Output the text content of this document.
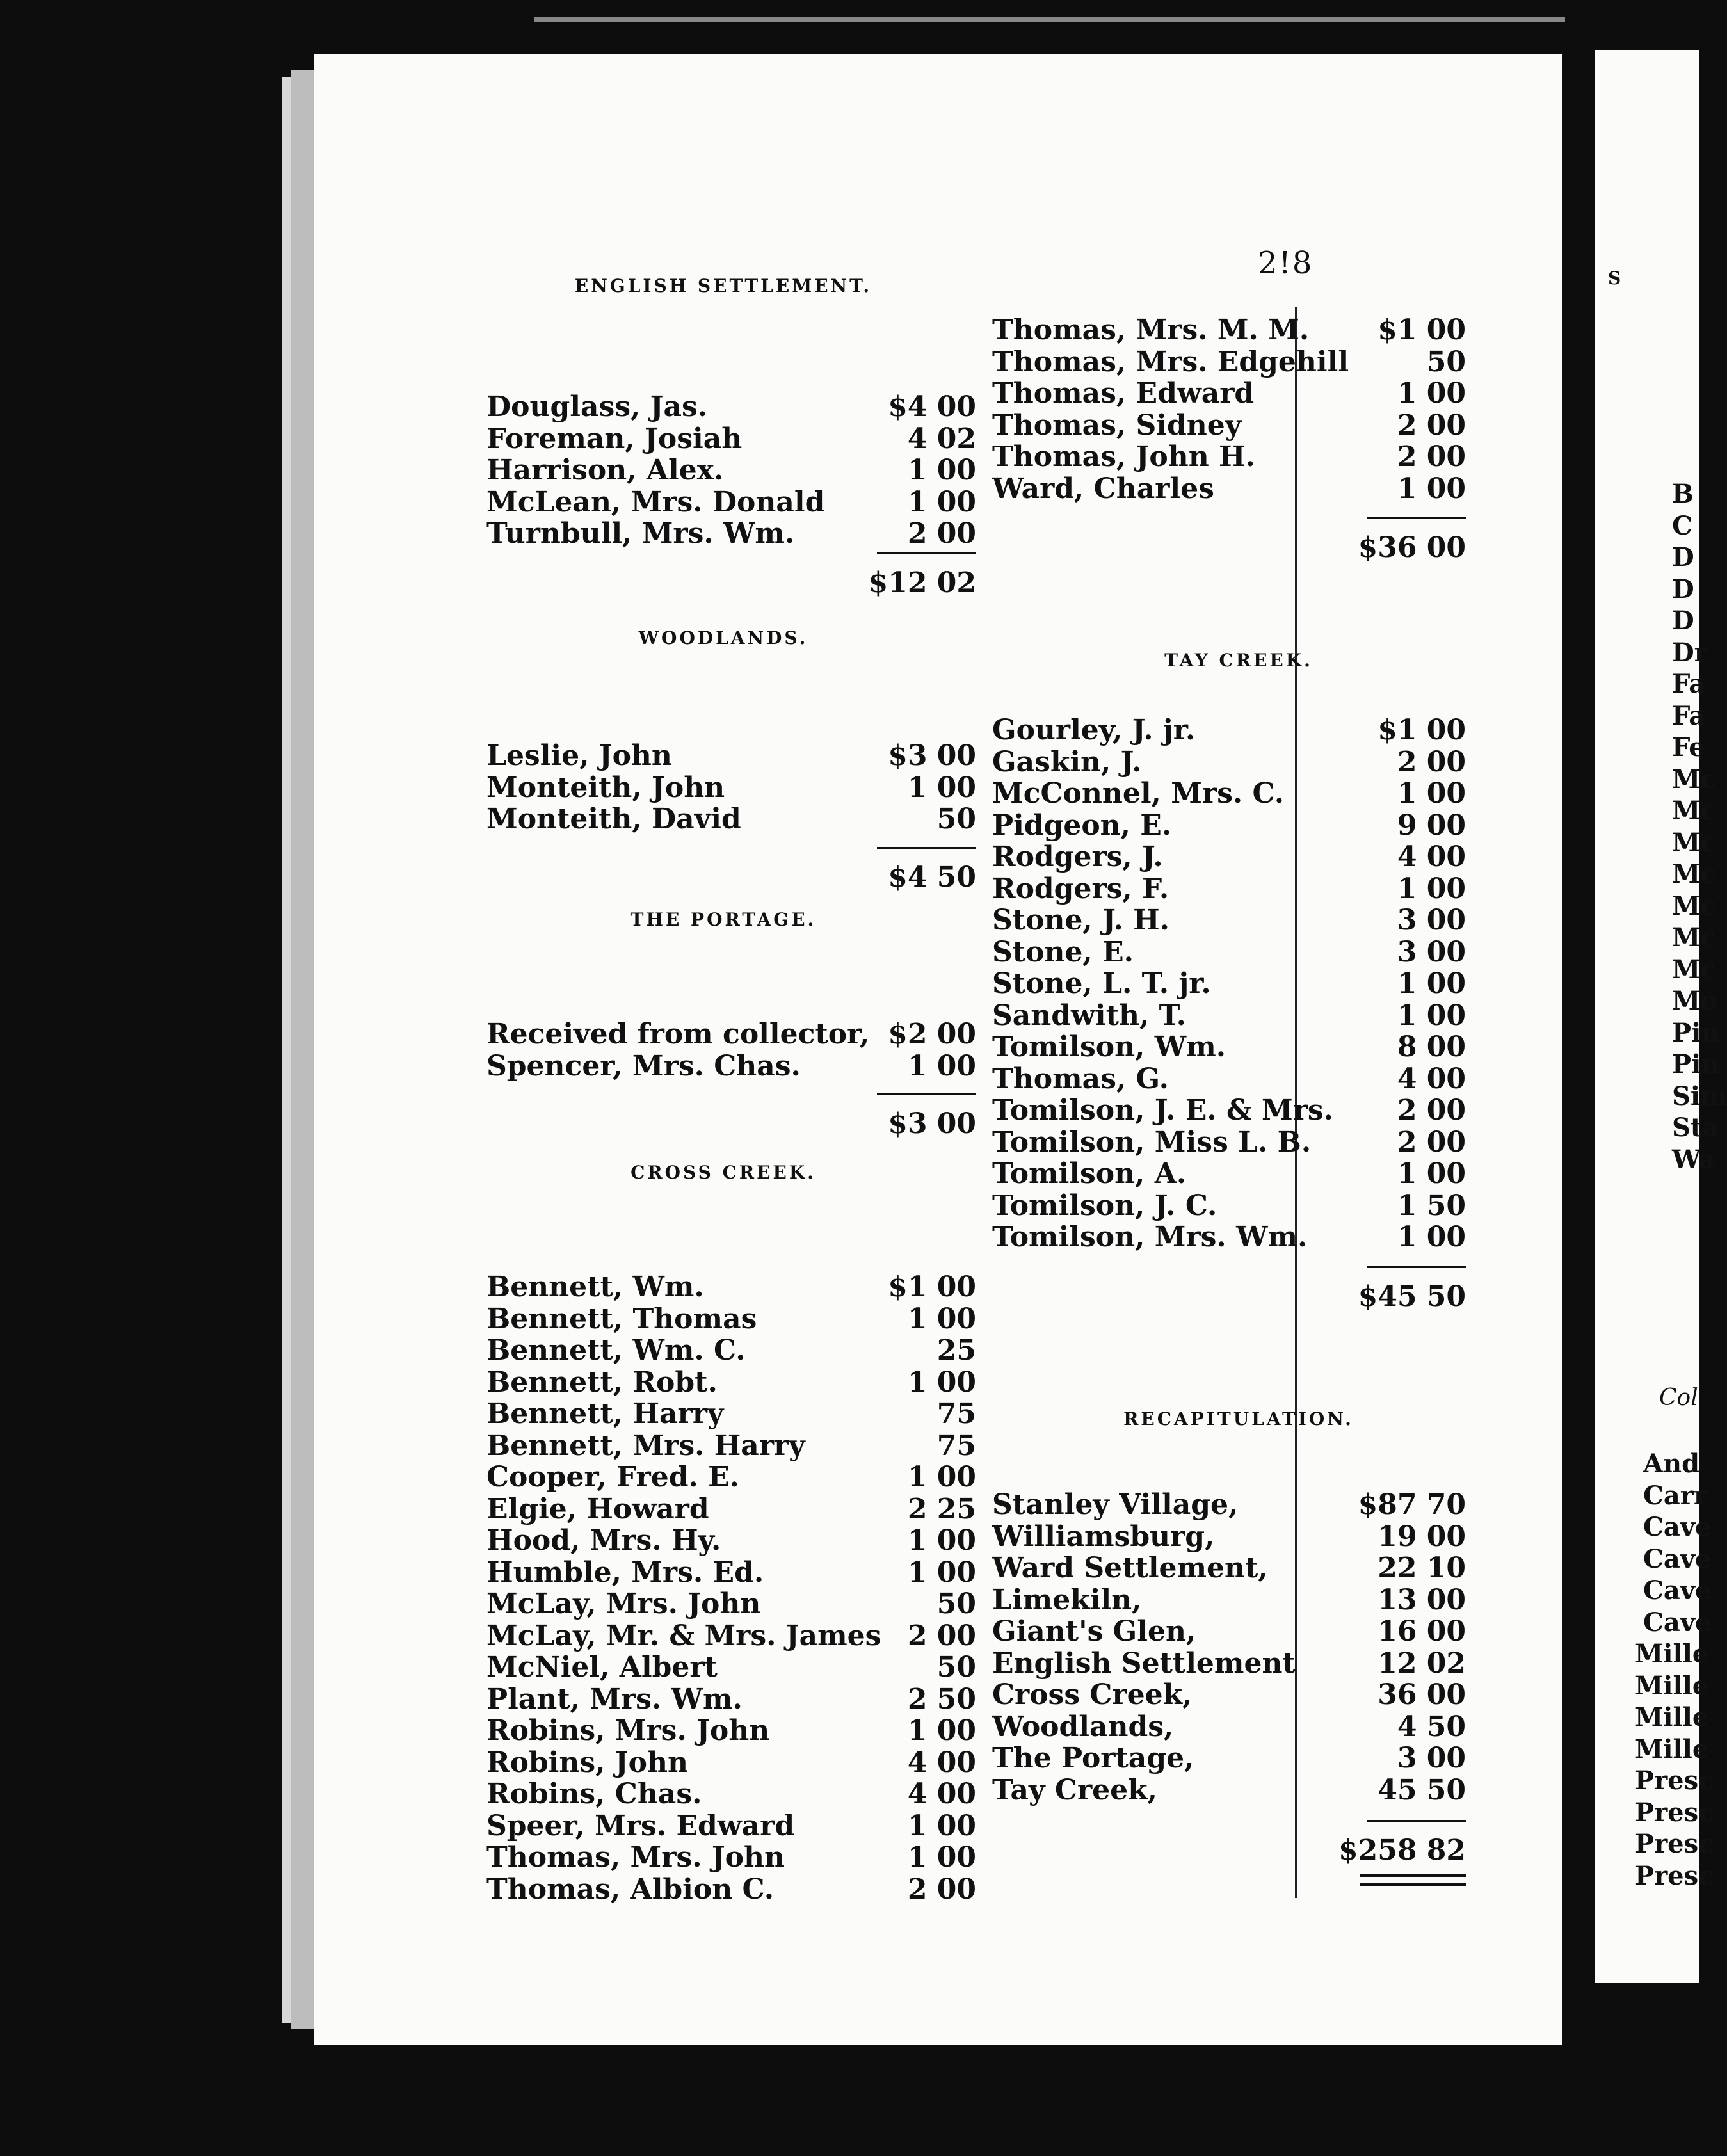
2!8
ENGLISH SETTLEMENT.
Douglass, Jas.	$4 00
Foreman, Josiah	4 02
Harrison, Alex.	1 00
McLean, Mrs. Donald	1 00
Turnbull, Mrs. Wm.	2 00
$12 02
WOODLANDS.
Leslie, John	$3 00
Monteith, John	1 00
Monteith, David	50
$4 50
THE PORTAGE.
Received from collector, $2 00
Spencer, Mrs. Chas.	1 00
$3 00
CROSS CREEK.
Bennett, Wm.	$1 00
Bennett, Thomas	1 00
Bennett, Wm. C.	25
Bennett, Robt.	1 00
Bennett, Harry	75
Bennett, Mrs. Harry	75
Cooper, Fred. E.	1 00
Elgie, Howard	2 25
Hood, Mrs. Hy.	1 00
Humble, Mrs. Ed.	1 00
McLay, Mrs. John	50
McLay, Mr. & Mrs. James 2 00
McNiel, Albert	50
Plant, Mrs. Wm.	2 50
Robins, Mrs. John	1 00
Robins, John	4 00
Robins, Chas.	4 00
Speer, Mrs. Edward	1 00
Thomas, Mrs. John	1 00
Thomas, Albion C.	2 00
Thomas, Mrs. M. M. $1 00
Thomas, Mrs. Edgehill	50
Thomas, Edward	1 00
Thomas, Sidney	2 00
Thomas, John H.	2 00
Ward, Charles	1 00
$36 00
TAY CREEK.
Gourley, J. jr.	$1 00
Gaskin, J.	2 00
McConnel, Mrs. C.	1 00
Pidgeon, E.	9 00
Rodgers, J.	4 00
Rodgers, F.	1 00
Stone, J. H.	3 00
Stone, E.	3 00
Stone, L. T. jr.	1 00
Sandwith, T.	1 00
Tomilson, Wm.	8 00
Thomas, G.	4 00
Tomilson, J. E. & Mrs. 2 00
Tomilson, Miss L. B.	2 00
Tomilson, A.	1 00
Tomilson, J. C.	1 50
Tomilson, Mrs. Wm.	1 00
$45 50
RECAPITULATION.
Stanley Village,	$87 70
Williamsburg,	19 00
Ward Settlement,	22 10
Limekiln,	13 00
Giant's Glen,	16 00
English Settlement	12 02
Cross Creek,	36 00
Woodlands,	4 50
The Portage,	3 00
Tay Creek,	45 50
$258 82
S
B
C
D
D
D
Dr
Fa
Fa
Fe
Mc
Mc
Mc
Mc
Mc
Mc
Mc
Mo
Pin
Pin
Sim
Sta
Wa
Col
And
Carr
Cave
Cave
Cave
Cave
Mille
Mille
Mille
Mille
Presc
Presc
Presc
Presc
